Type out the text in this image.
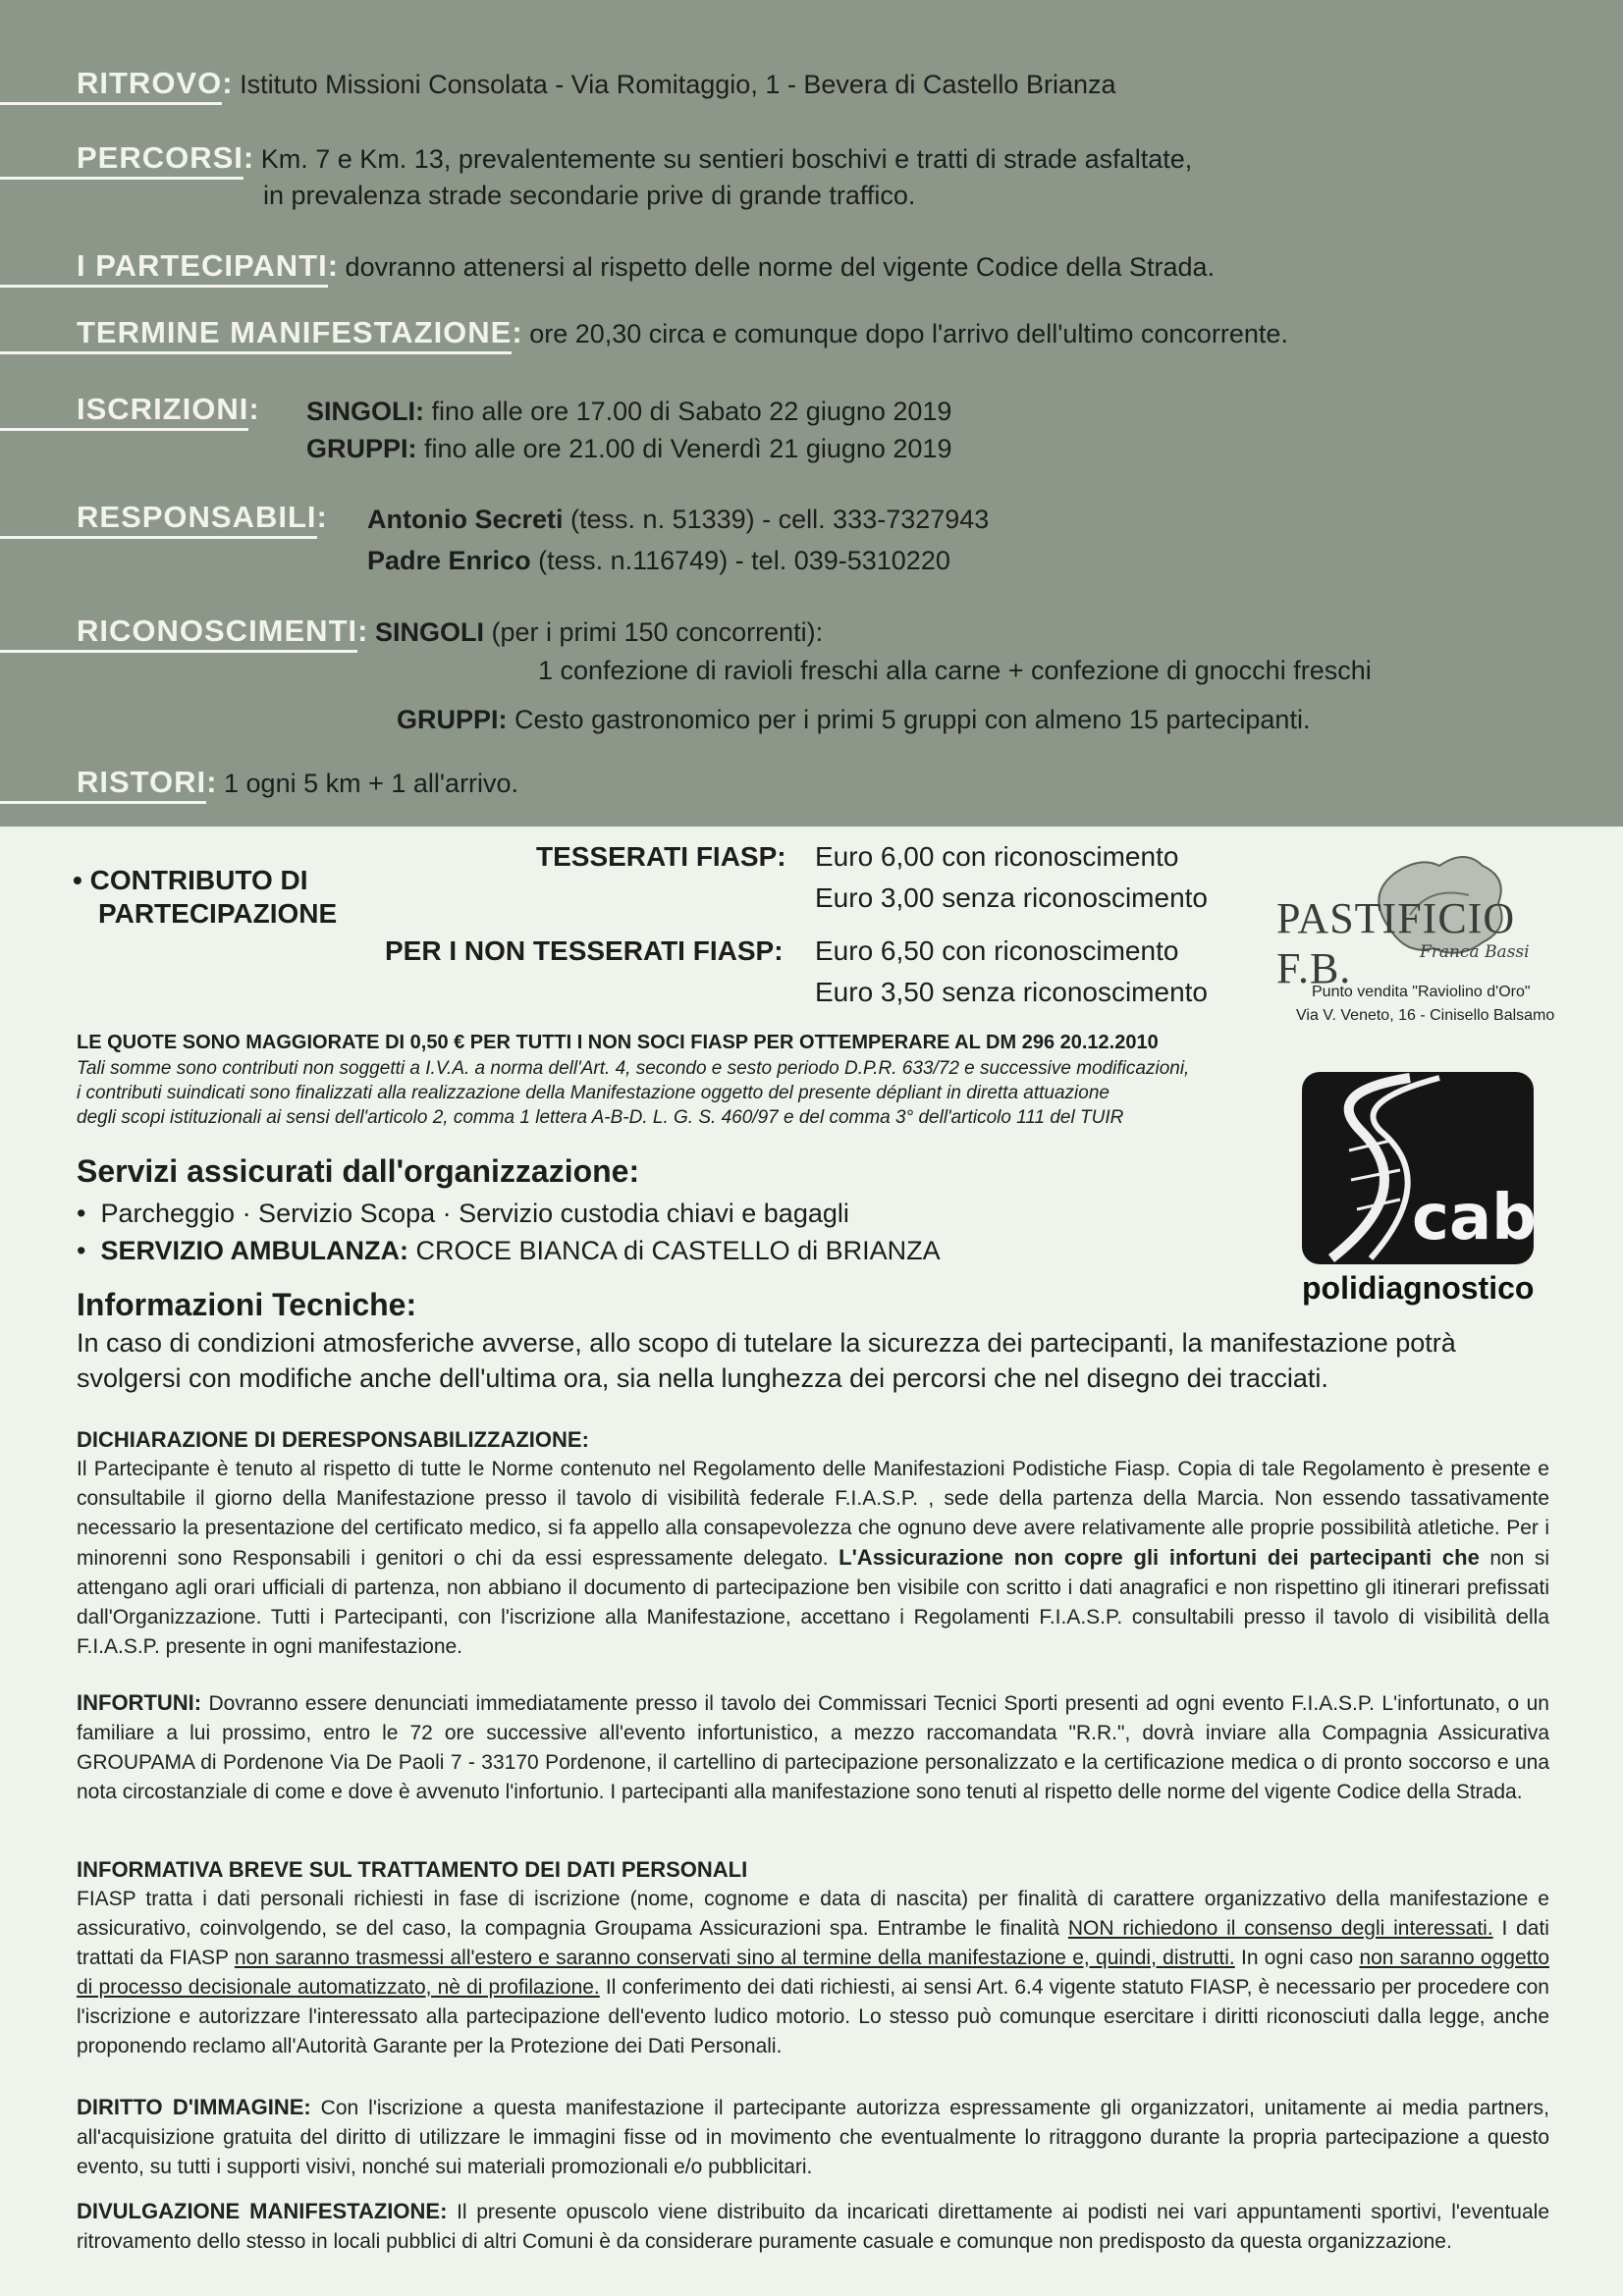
RITROVO: Istituto Missioni Consolata - Via Romitaggio, 1 - Bevera di Castello Brianza
PERCORSI: Km. 7 e Km. 13, prevalentemente su sentieri boschivi e tratti di strade asfaltate,
in prevalenza strade secondarie prive di grande traffico.
I PARTECIPANTI: dovranno attenersi al rispetto delle norme del vigente Codice della Strada.
TERMINE MANIFESTAZIONE: ore 20,30 circa e comunque dopo l'arrivo dell'ultimo concorrente.
ISCRIZIONI: SINGOLI: fino alle ore 17.00 di Sabato 22 giugno 2019
GRUPPI: fino alle ore 21.00 di Venerdì 21 giugno 2019
RESPONSABILI: Antonio Secreti (tess. n. 51339) - cell. 333-7327943
Padre Enrico (tess. n.116749) - tel. 039-5310220
RICONOSCIMENTI: SINGOLI (per i primi 150 concorrenti):
1 confezione di ravioli freschi alla carne + confezione di gnocchi freschi
GRUPPI: Cesto gastronomico per i primi 5 gruppi con almeno 15 partecipanti.
RISTORI: 1 ogni 5 km + 1 all'arrivo.
• CONTRIBUTO DI
PARTECIPAZIONE
TESSERATI FIASP: Euro 6,00 con riconoscimento
Euro 3,00 senza riconoscimento
PER I NON TESSERATI FIASP: Euro 6,50 con riconoscimento
Euro 3,50 senza riconoscimento
LE QUOTE SONO MAGGIORATE DI 0,50 € PER TUTTI I NON SOCI FIASP PER OTTEMPERARE AL DM 296 20.12.2010
Tali somme sono contributi non soggetti a I.V.A. a norma dell'Art. 4, secondo e sesto periodo D.P.R. 633/72 e successive modificazioni,
i contributi suindicati sono finalizzati alla realizzazione della Manifestazione oggetto del presente dépliant in diretta attuazione
degli scopi istituzionali ai sensi dell'articolo 2, comma 1 lettera A-B-D. L. G. S. 460/97 e del comma 3° dell'articolo 111 del TUIR
PASTIFICIO F.B.	Franca Bassi
Punto vendita "Raviolino d'Oro"
Via V. Veneto, 16 - Cinisello Balsamo
cab
polidiagnostico
Servizi assicurati dall'organizzazione:
• Parcheggio · Servizio Scopa · Servizio custodia chiavi e bagagli
• SERVIZIO AMBULANZA: CROCE BIANCA di CASTELLO di BRIANZA
Informazioni Tecniche:
In caso di condizioni atmosferiche avverse, allo scopo di tutelare la sicurezza dei partecipanti, la manifestazione potrà svolgersi con modifiche anche dell'ultima ora, sia nella lunghezza dei percorsi che nel disegno dei tracciati.
DICHIARAZIONE DI DERESPONSABILIZZAZIONE:
Il Partecipante è tenuto al rispetto di tutte le Norme contenuto nel Regolamento delle Manifestazioni Podistiche Fiasp. Copia di tale Regolamento è presente e consultabile il giorno della Manifestazione presso il tavolo di visibilità federale F.I.A.S.P. , sede della partenza della Marcia. Non essendo tassativamente necessario la presentazione del certificato medico, si fa appello alla consapevolezza che ognuno deve avere relativamente alle proprie possibilità atletiche. Per i minorenni sono Responsabili i genitori o chi da essi espressamente delegato. L'Assicurazione non copre gli infortuni dei partecipanti che non si attengano agli orari ufficiali di partenza, non abbiano il documento di partecipazione ben visibile con scritto i dati anagrafici e non rispettino gli itinerari prefissati dall'Organizzazione. Tutti i Partecipanti, con l'iscrizione alla Manifestazione, accettano i Regolamenti F.I.A.S.P. consultabili presso il tavolo di visibilità della F.I.A.S.P. presente in ogni manifestazione.
INFORTUNI: Dovranno essere denunciati immediatamente presso il tavolo dei Commissari Tecnici Sporti presenti ad ogni evento F.I.A.S.P. L'infortunato, o un familiare a lui prossimo, entro le 72 ore successive all'evento infortunistico, a mezzo raccomandata "R.R.", dovrà inviare alla Compagnia Assicurativa GROUPAMA di Pordenone Via De Paoli 7 - 33170 Pordenone, il cartellino di partecipazione personalizzato e la certificazione medica o di pronto soccorso e una nota circostanziale di come e dove è avvenuto l'infortunio. I partecipanti alla manifestazione sono tenuti al rispetto delle norme del vigente Codice della Strada.
INFORMATIVA BREVE SUL TRATTAMENTO DEI DATI PERSONALI
FIASP tratta i dati personali richiesti in fase di iscrizione (nome, cognome e data di nascita) per finalità di carattere organizzativo della manifestazione e assicurativo, coinvolgendo, se del caso, la compagnia Groupama Assicurazioni spa. Entrambe le finalità NON richiedono il consenso degli interessati. I dati trattati da FIASP non saranno trasmessi all'estero e saranno conservati sino al termine della manifestazione e, quindi, distrutti. In ogni caso non saranno oggetto di processo decisionale automatizzato, nè di profilazione. Il conferimento dei dati richiesti, ai sensi Art. 6.4 vigente statuto FIASP, è necessario per procedere con l'iscrizione e autorizzare l'interessato alla partecipazione dell'evento ludico motorio. Lo stesso può comunque esercitare i diritti riconosciuti dalla legge, anche proponendo reclamo all'Autorità Garante per la Protezione dei Dati Personali.
DIRITTO D'IMMAGINE: Con l'iscrizione a questa manifestazione il partecipante autorizza espressamente gli organizzatori, unitamente ai media partners, all'acquisizione gratuita del diritto di utilizzare le immagini fisse od in movimento che eventualmente lo ritraggono durante la propria partecipazione a questo evento, su tutti i supporti visivi, nonché sui materiali promozionali e/o pubblicitari.
DIVULGAZIONE MANIFESTAZIONE: Il presente opuscolo viene distribuito da incaricati direttamente ai podisti nei vari appuntamenti sportivi, l'eventuale ritrovamento dello stesso in locali pubblici di altri Comuni è da considerare puramente casuale e comunque non predisposto da questa organizzazione.
